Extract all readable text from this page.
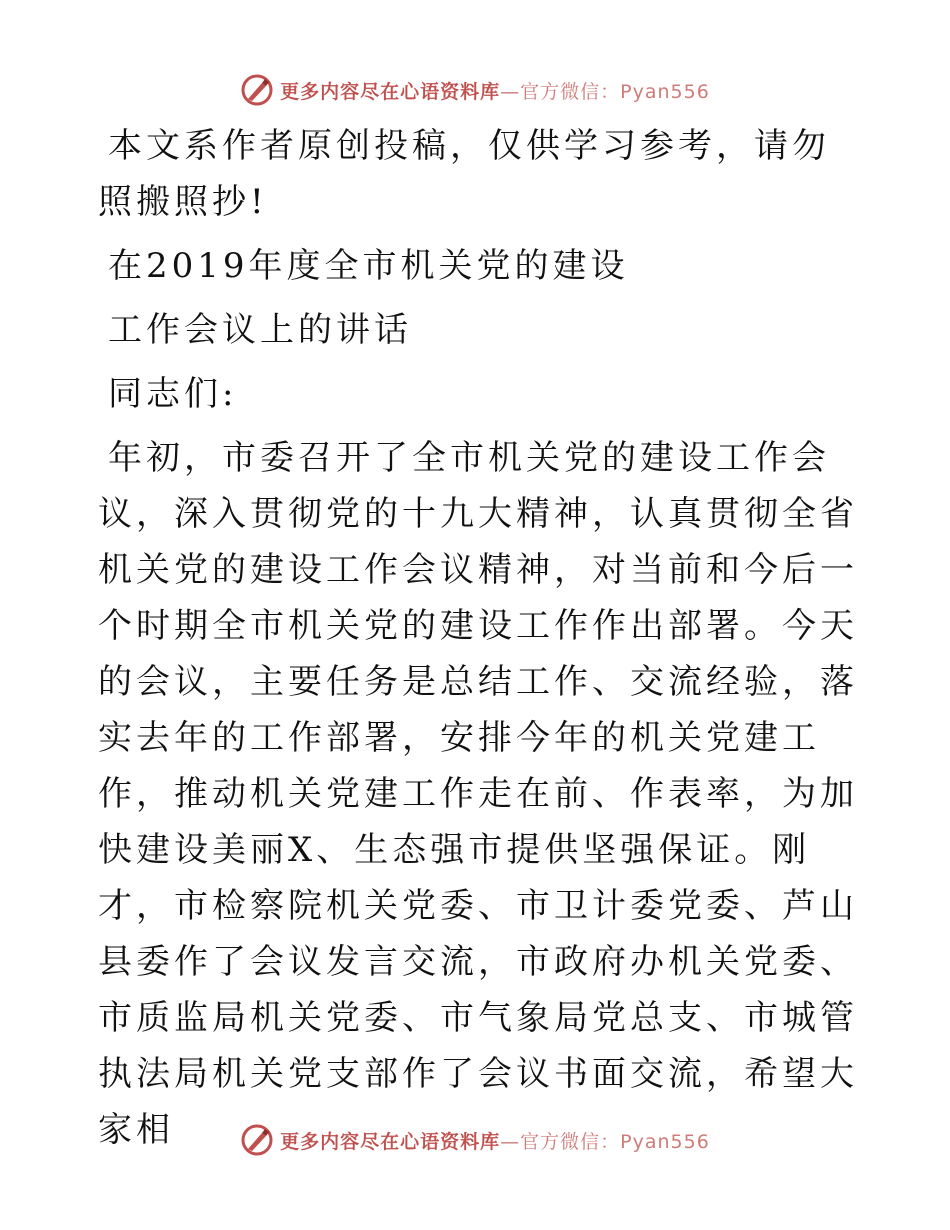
更多内容尽在心语资料库—官方微信：Pyan556

本文系作者原创投稿，仅供学习参考，请勿照搬照抄!

在2019年度全市机关党的建设

工作会议上的讲话

同志们:

年初，市委召开了全市机关党的建设工作会议，深入贯彻党的十九大精神，认真贯彻全省机关党的建设工作会议精神，对当前和今后一个时期全市机关党的建设工作作出部署。今天的会议，主要任务是总结工作、交流经验，落实去年的工作部署，安排今年的机关党建工作，推动机关党建工作走在前、作表率，为加快建设美丽X、生态强市提供坚强保证。刚才，市检察院机关党委、市卫计委党委、芦山县委作了会议发言交流，市政府办机关党委、市质监局机关党委、市气象局党总支、市城管执法局机关党支部作了会议书面交流，希望大家相	更多内容尽在心语资料库—官方微信：Pyan556
